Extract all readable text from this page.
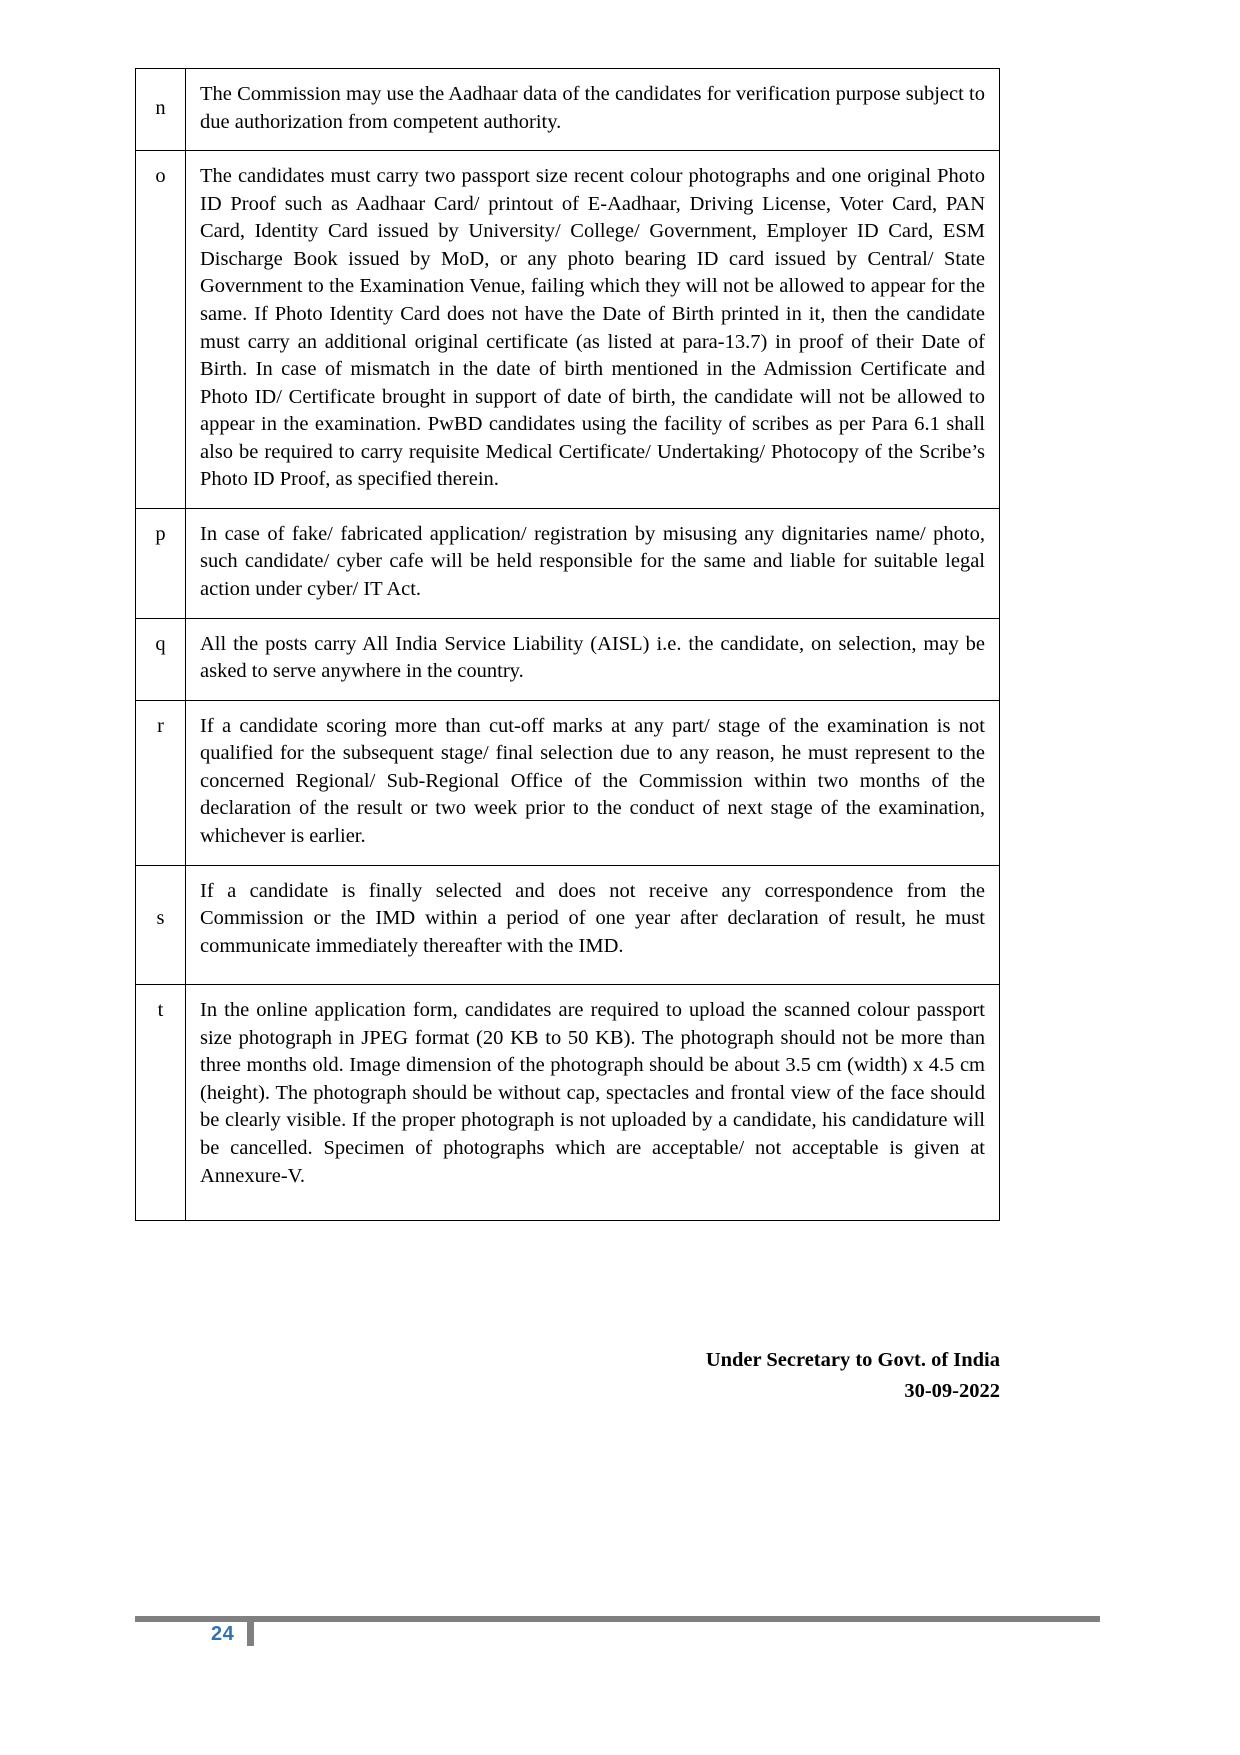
n	The Commission may use the Aadhaar data of the candidates for verification purpose subject to due authorization from competent authority.
o	The candidates must carry two passport size recent colour photographs and one original Photo ID Proof such as Aadhaar Card/ printout of E-Aadhaar, Driving License, Voter Card, PAN Card, Identity Card issued by University/ College/ Government, Employer ID Card, ESM Discharge Book issued by MoD, or any photo bearing ID card issued by Central/ State Government to the Examination Venue, failing which they will not be allowed to appear for the same. If Photo Identity Card does not have the Date of Birth printed in it, then the candidate must carry an additional original certificate (as listed at para-13.7) in proof of their Date of Birth. In case of mismatch in the date of birth mentioned in the Admission Certificate and Photo ID/ Certificate brought in support of date of birth, the candidate will not be allowed to appear in the examination. PwBD candidates using the facility of scribes as per Para 6.1 shall also be required to carry requisite Medical Certificate/ Undertaking/ Photocopy of the Scribe’s Photo ID Proof, as specified therein.
p	In case of fake/ fabricated application/ registration by misusing any dignitaries name/ photo, such candidate/ cyber cafe will be held responsible for the same and liable for suitable legal action under cyber/ IT Act.
q	All the posts carry All India Service Liability (AISL) i.e. the candidate, on selection, may be asked to serve anywhere in the country.
r	If a candidate scoring more than cut-off marks at any part/ stage of the examination is not qualified for the subsequent stage/ final selection due to any reason, he must represent to the concerned Regional/ Sub-Regional Office of the Commission within two months of the declaration of the result or two week prior to the conduct of next stage of the examination, whichever is earlier.
s	If a candidate is finally selected and does not receive any correspondence from the Commission or the IMD within a period of one year after declaration of result, he must communicate immediately thereafter with the IMD.
t	In the online application form, candidates are required to upload the scanned colour passport size photograph in JPEG format (20 KB to 50 KB). The photograph should not be more than three months old. Image dimension of the photograph should be about 3.5 cm (width) x 4.5 cm (height). The photograph should be without cap, spectacles and frontal view of the face should be clearly visible. If the proper photograph is not uploaded by a candidate, his candidature will be cancelled. Specimen of photographs which are acceptable/ not acceptable is given at Annexure-V.
Under Secretary to Govt. of India
30-09-2022
24
